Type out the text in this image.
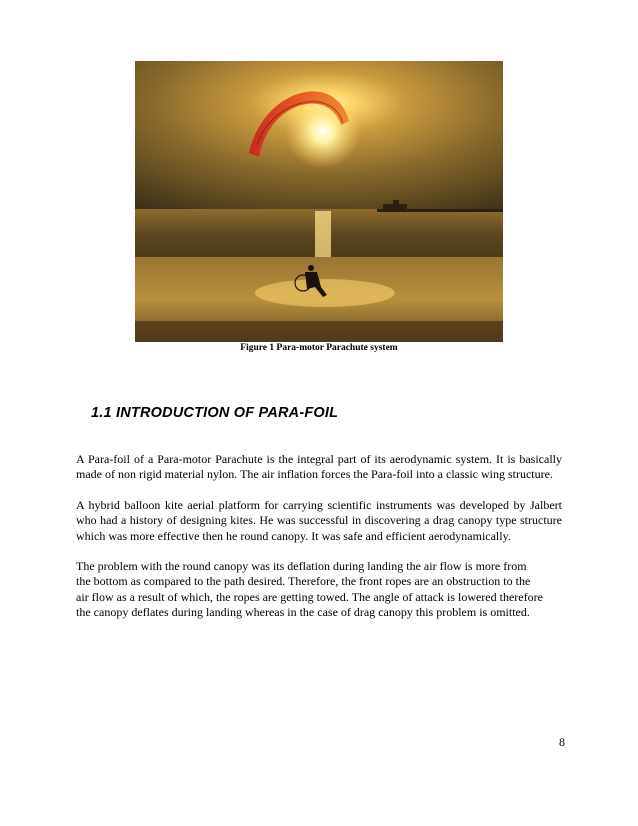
Figure 1 Para-motor Parachute system
1.1 INTRODUCTION OF PARA-FOIL

A Para-foil of a Para-motor Parachute is the integral part of its aerodynamic system. It is basically made of non rigid material nylon. The air inflation forces the Para-foil into a classic wing structure.

A hybrid balloon kite aerial platform for carrying scientific instruments was developed by Jalbert who had a history of designing kites. He was successful in discovering a drag canopy type structure which was more effective then he round canopy. It was safe and efficient aerodynamically.

The problem with the round canopy was its deflation during landing the air flow is more from
the bottom as compared to the path desired. Therefore, the front ropes are an obstruction to the
air flow as a result of which, the ropes are getting towed. The angle of attack is lowered therefore
the canopy deflates during landing whereas in the case of drag canopy this problem is omitted.
8
